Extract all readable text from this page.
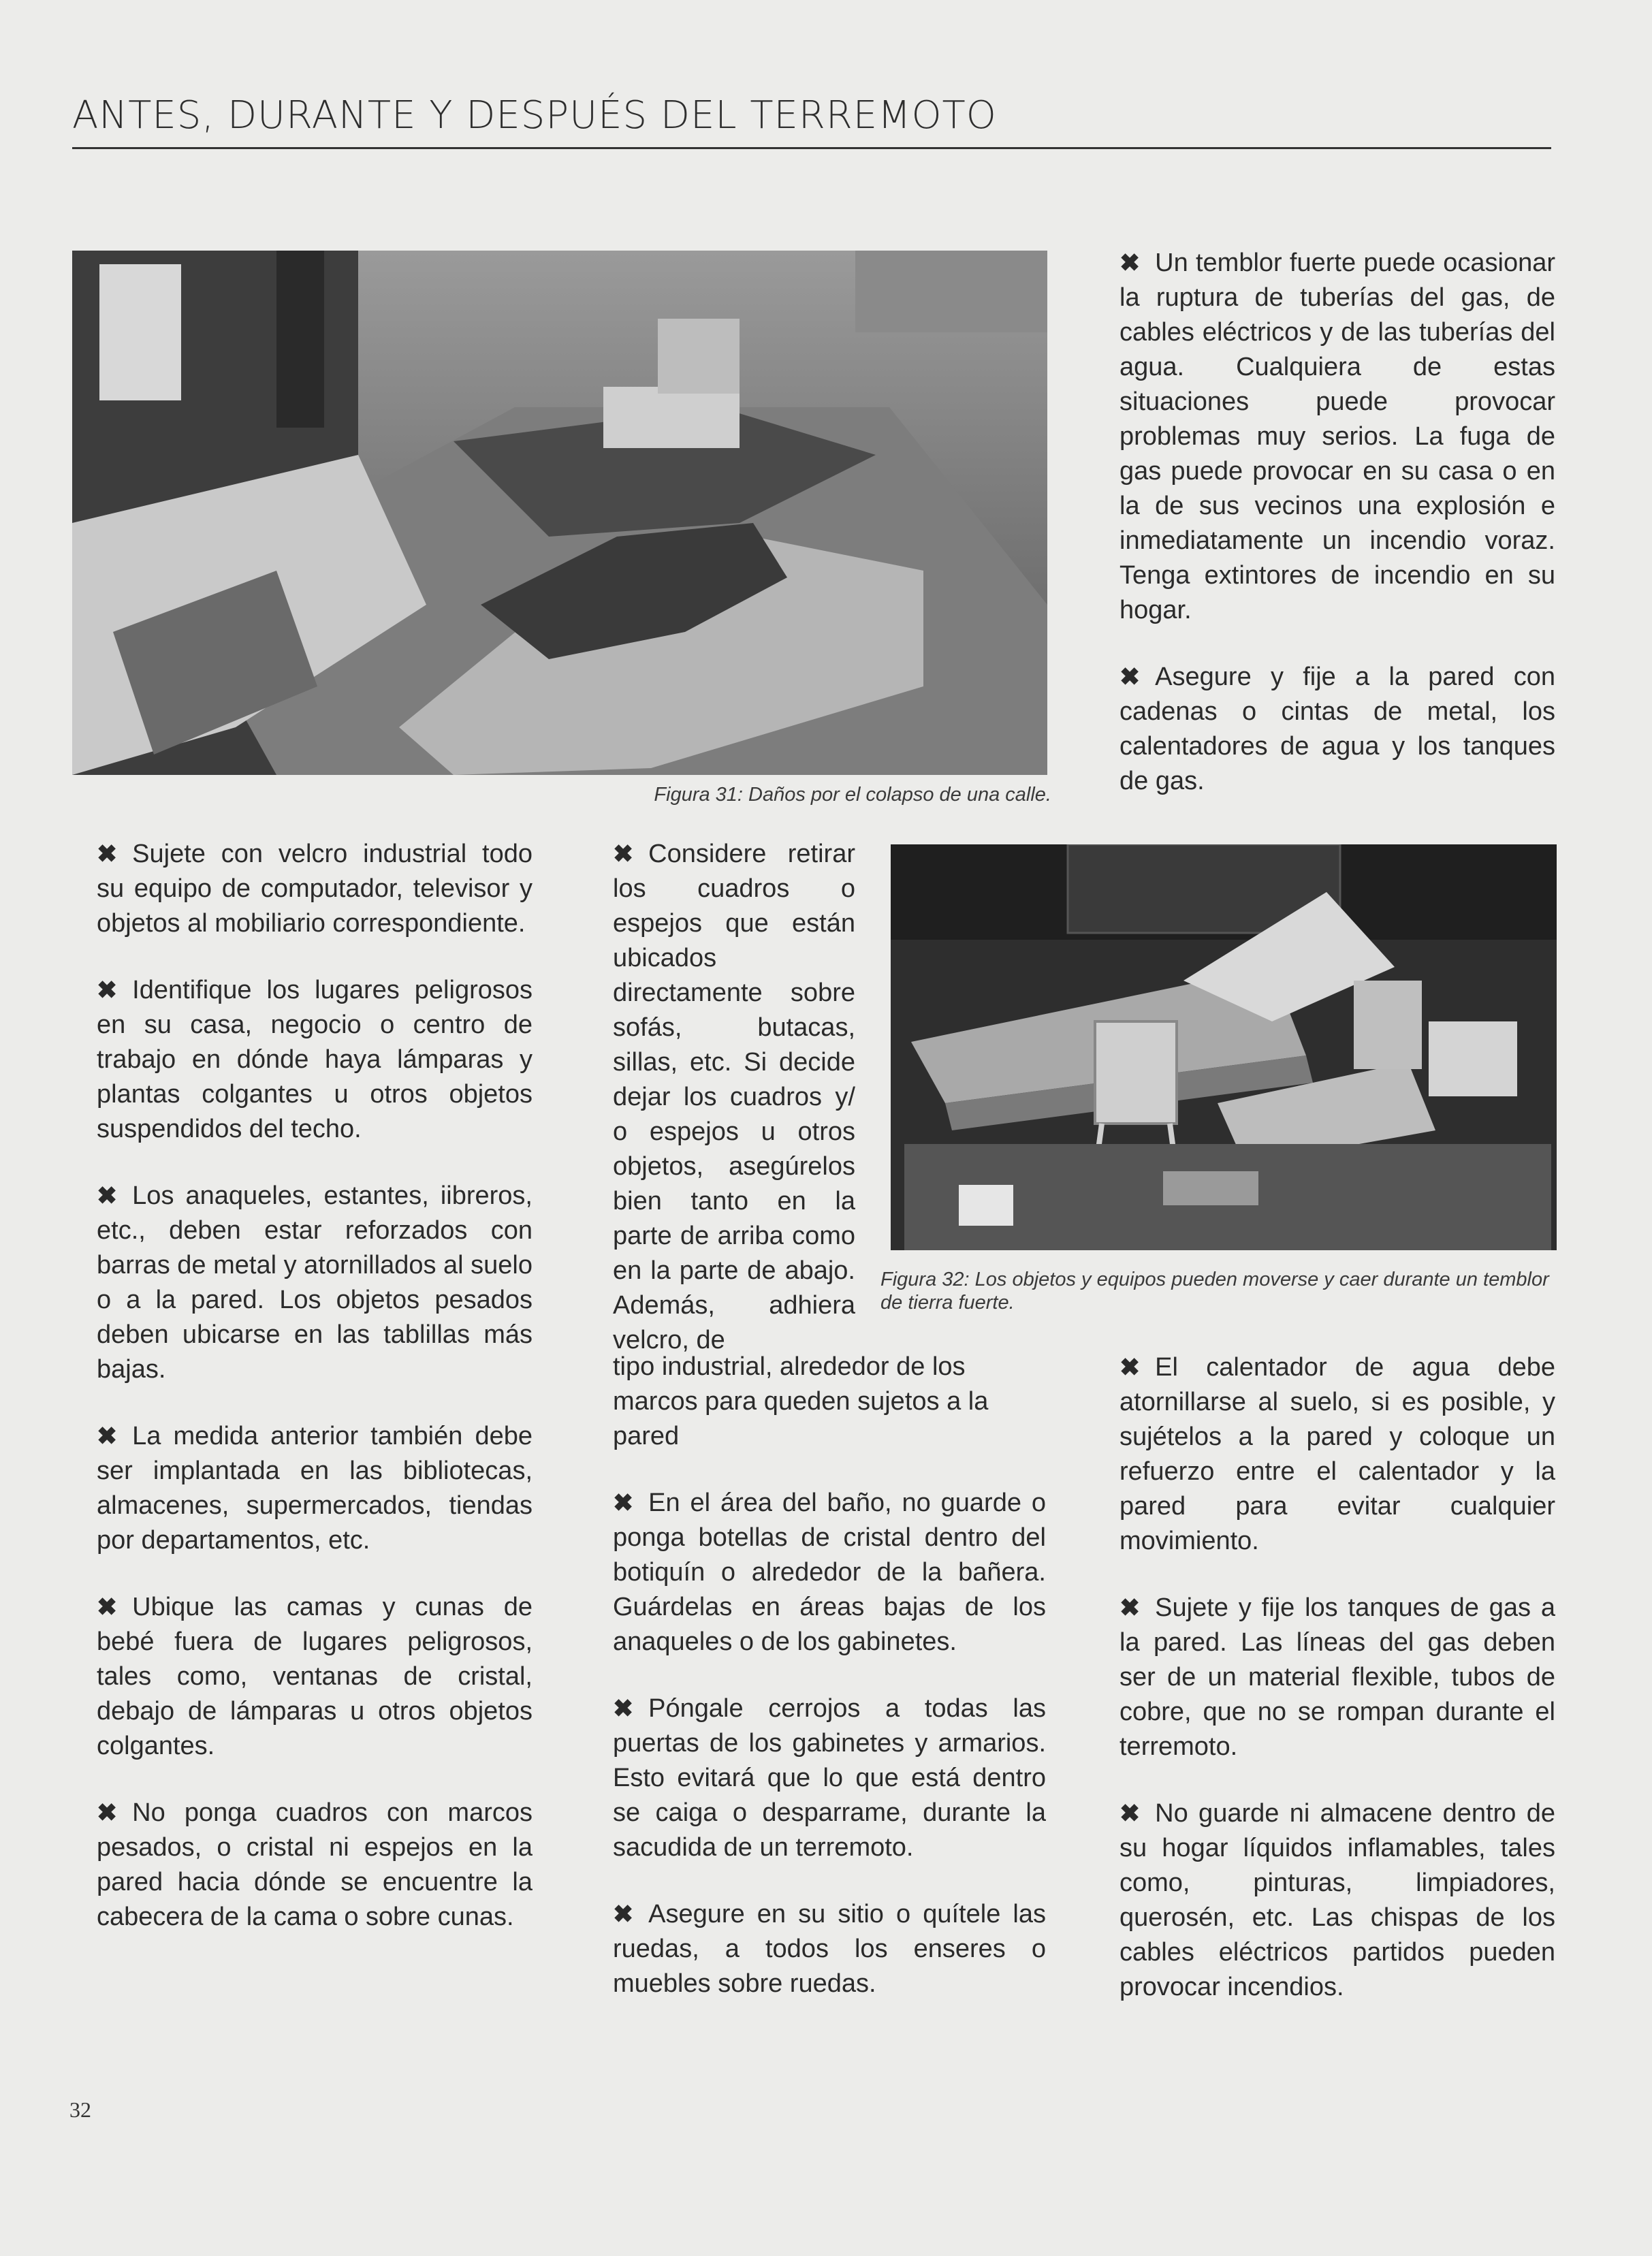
ANTES, DURANTE Y DESPUÉS DEL TERREMOTO
Figura 31: Daños por el colapso de una calle.

✖ Un temblor fuerte puede ocasionar la ruptura de tuberías del gas, de cables eléctricos y de las tuberías del agua. Cualquiera de estas situaciones puede provocar problemas muy serios. La fuga de gas puede provocar en su casa o en la de sus vecinos una explosión e inmediatamente un incendio voraz. Tenga extintores de incendio en su hogar.

✖ Asegure y fije a la pared con cadenas o cintas de metal, los calentadores de agua y los tanques de gas.

Figura 32: Los objetos y equipos pueden moverse y caer durante un temblor de tierra fuerte.

✖ Sujete con velcro industrial todo su equipo de computador, televisor y objetos al mobiliario correspondiente.

✖ Identifique los lugares peligrosos en su casa, negocio o centro de trabajo en dónde haya lámparas y plantas colgantes u otros objetos suspendidos del techo.

✖ Los anaqueles, estantes, iibreros, etc., deben estar reforzados con barras de metal y atornillados al suelo o a la pared. Los objetos pesados deben ubicarse en las tablillas más bajas.

✖ La medida anterior también debe ser implantada en las bibliotecas, almacenes, supermercados, tiendas por departamentos, etc.

✖ Ubique las camas y cunas de bebé fuera de lugares peligrosos, tales como, ventanas de cristal, debajo de lámparas u otros objetos colgantes.

✖ No ponga cuadros con marcos pesados, o cristal ni espejos en la pared hacia dónde se encuentre la cabecera de la cama o sobre cunas.

✖ Considere retirar los cuadros o espejos que están ubicados directamente sobre sofás, butacas, sillas, etc. Si decide dejar los cuadros y/ o espejos u otros objetos, asegúrelos bien tanto en la parte de arriba como en la parte de abajo. Además, adhiera velcro, de

tipo industrial, alrededor de los marcos para queden sujetos a la pared

✖ En el área del baño, no guarde o ponga botellas de cristal dentro del botiquín o alrededor de la bañera. Guárdelas en áreas bajas de los anaqueles o de los gabinetes.

✖ Póngale cerrojos a todas las puertas de los gabinetes y armarios. Esto evitará que lo que está dentro se caiga o desparrame, durante la sacudida de un terremoto.

✖ Asegure en su sitio o quítele las ruedas, a todos los enseres o muebles sobre ruedas.

✖ El calentador de agua debe atornillarse al suelo, si es posible, y sujételos a la pared y coloque un refuerzo entre el calentador y la pared para evitar cualquier movimiento.

✖ Sujete y fije los tanques de gas a la pared. Las líneas del gas deben ser de un material flexible, tubos de cobre, que no se rompan durante el terremoto.

✖ No guarde ni almacene dentro de su hogar líquidos inflamables, tales como, pinturas, limpiadores, querosén, etc. Las chispas de los cables eléctricos partidos pueden provocar incendios.

32
